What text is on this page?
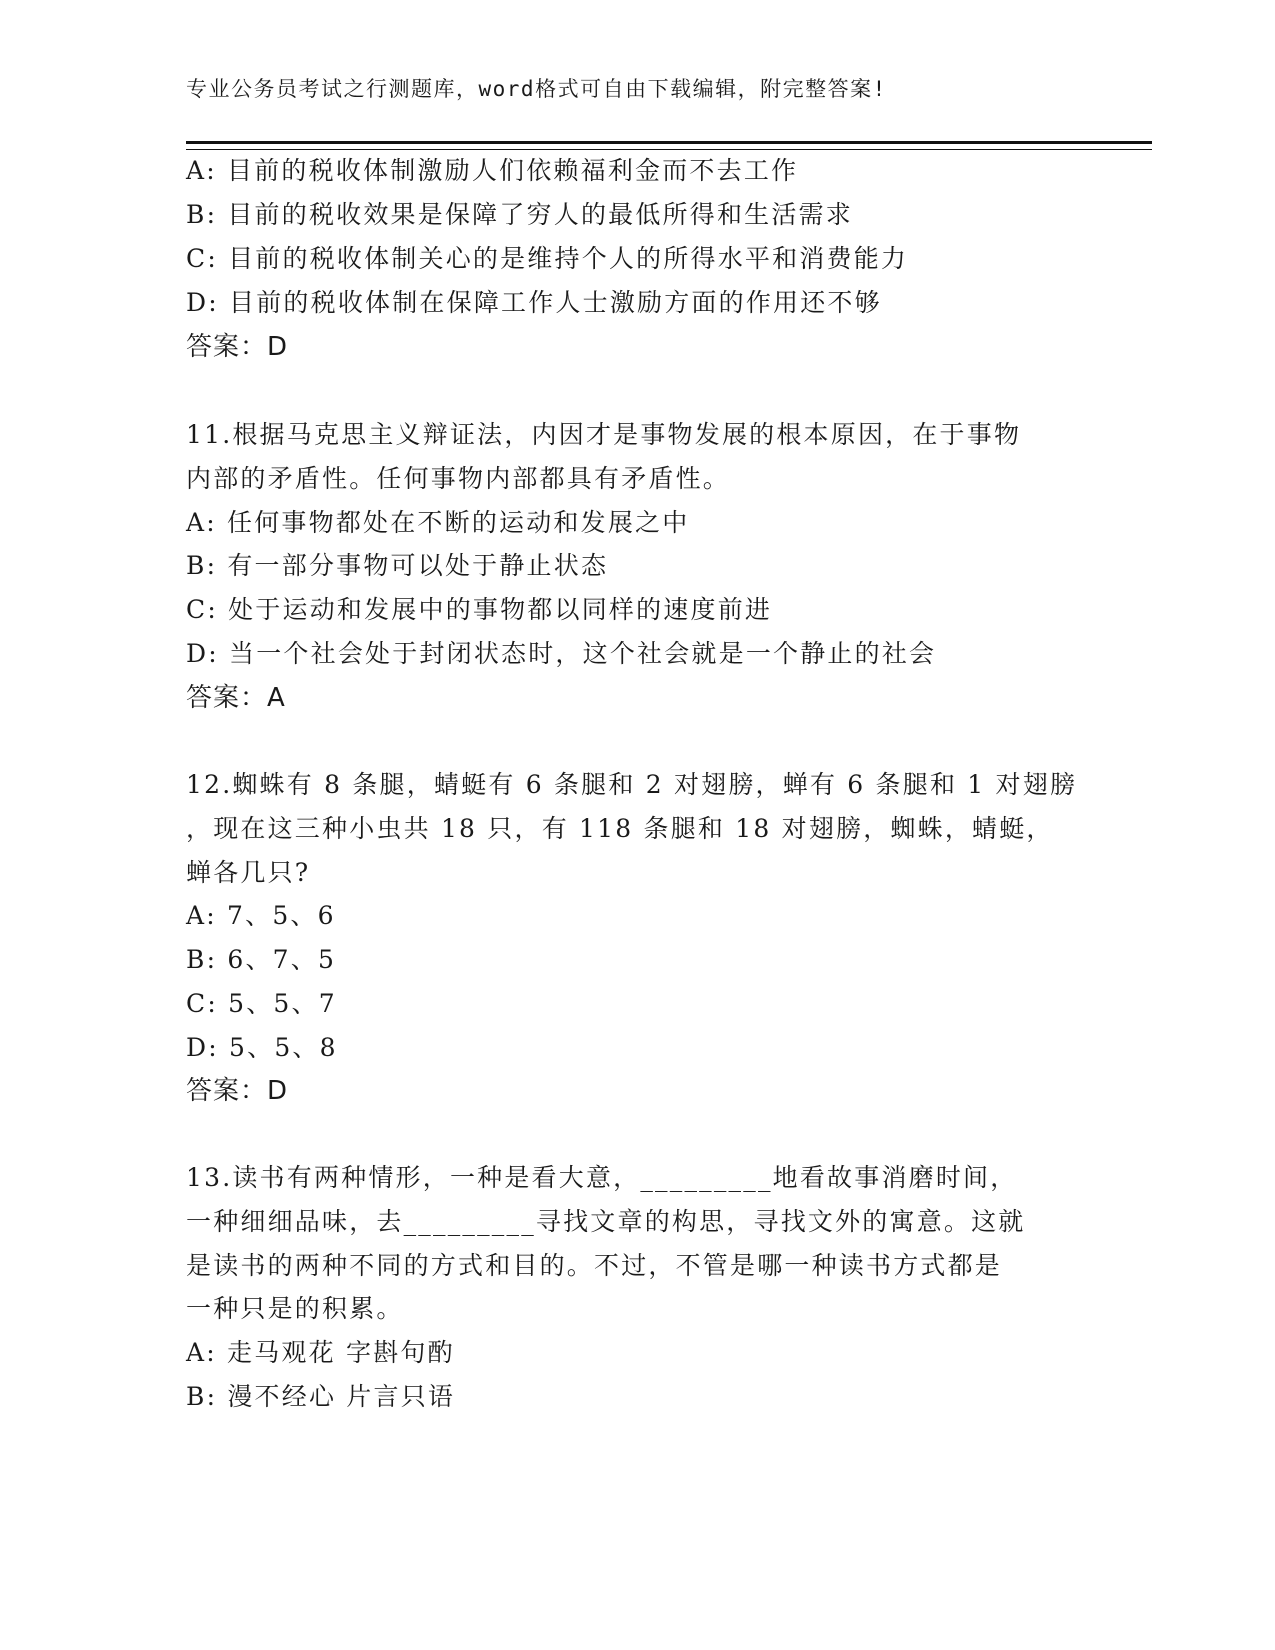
专业公务员考试之行测题库，word格式可自由下载编辑，附完整答案!
A: 目前的税收体制激励人们依赖福利金而不去工作
B: 目前的税收效果是保障了穷人的最低所得和生活需求
C: 目前的税收体制关心的是维持个人的所得水平和消费能力
D: 目前的税收体制在保障工作人士激励方面的作用还不够
答案：D
11.根据马克思主义辩证法，内因才是事物发展的根本原因，在于事物
内部的矛盾性。任何事物内部都具有矛盾性。
A: 任何事物都处在不断的运动和发展之中
B: 有一部分事物可以处于静止状态
C: 处于运动和发展中的事物都以同样的速度前进
D: 当一个社会处于封闭状态时，这个社会就是一个静止的社会
答案：A
12.蜘蛛有 8 条腿，蜻蜓有 6 条腿和 2 对翅膀，蝉有 6 条腿和 1 对翅膀
，现在这三种小虫共 18 只，有 118 条腿和 18 对翅膀，蜘蛛，蜻蜓，
蝉各几只?
A: 7、5、6
B: 6、7、5
C: 5、5、7
D: 5、5、8
答案：D
13.读书有两种情形，一种是看大意，_________地看故事消磨时间，
一种细细品味，去_________寻找文章的构思，寻找文外的寓意。这就
是读书的两种不同的方式和目的。不过，不管是哪一种读书方式都是
一种只是的积累。
A: 走马观花 字斟句酌
B: 漫不经心 片言只语
